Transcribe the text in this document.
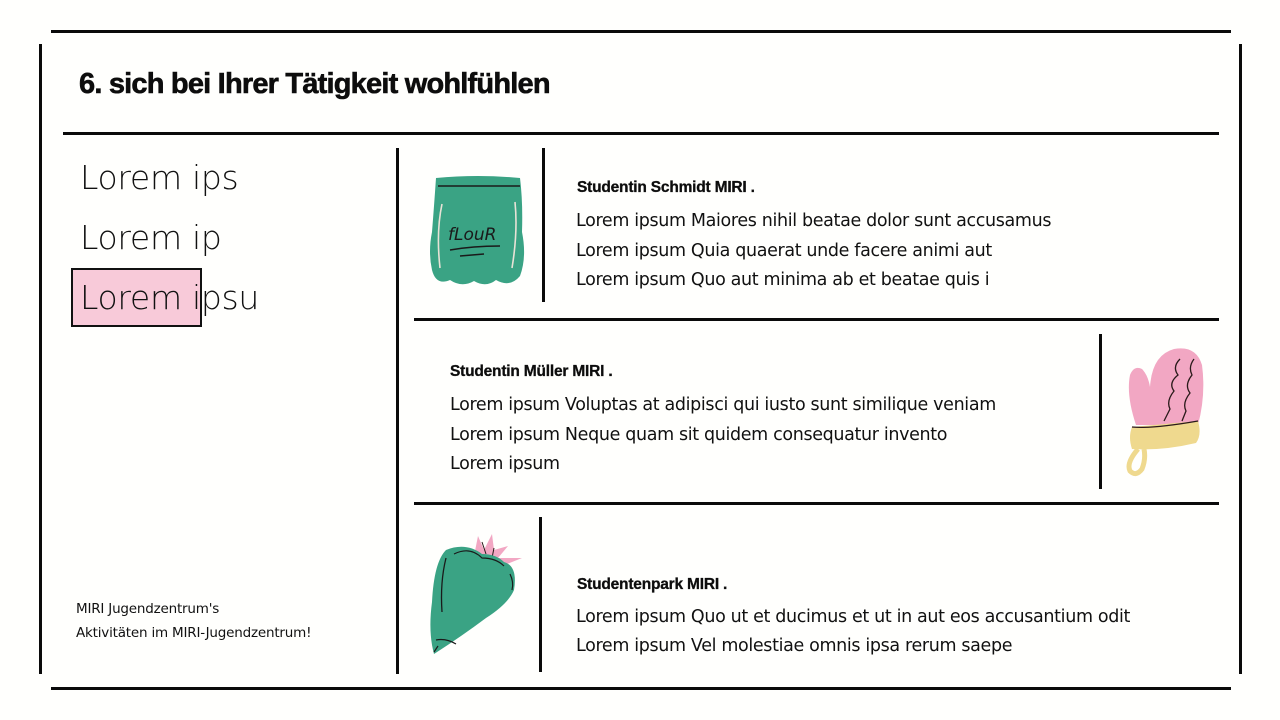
6. sich bei Ihrer Tätigkeit wohlfühlen
Lorem ips
Lorem ip
Lorem ipsu
MIRI Jugendzentrum's
Aktivitäten im MIRI-Jugendzentrum!
fLouR
Studentin Schmidt MIRI .
Lorem ipsum Maiores nihil beatae dolor sunt accusamus
Lorem ipsum Quia quaerat unde facere animi aut
Lorem ipsum Quo aut minima ab et beatae quis i
Studentin Müller MIRI .
Lorem ipsum Voluptas at adipisci qui iusto sunt similique veniam
Lorem ipsum Neque quam sit quidem consequatur invento
Lorem ipsum
Studentenpark MIRI .
Lorem ipsum Quo ut et ducimus et ut in aut eos accusantium odit
Lorem ipsum Vel molestiae omnis ipsa rerum saepe
